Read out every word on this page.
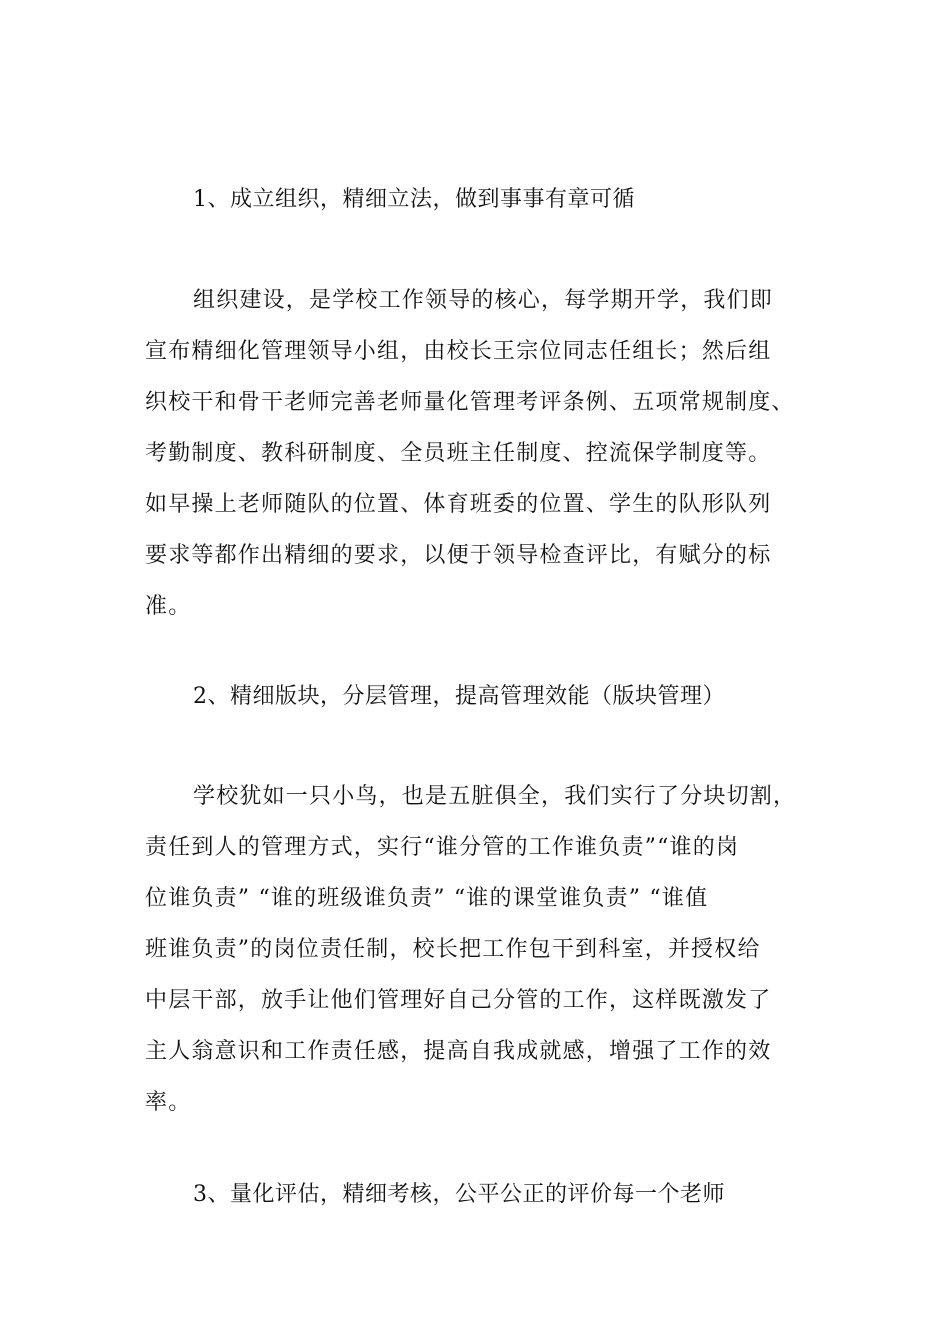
1、成立组织，精细立法，做到事事有章可循
组织建设，是学校工作领导的核心，每学期开学，我们即
宣布精细化管理领导小组，由校长王宗位同志任组长；然后组
织校干和骨干老师完善老师量化管理考评条例、五项常规制度、
考勤制度、教科研制度、全员班主任制度、控流保学制度等。
如早操上老师随队的位置、体育班委的位置、学生的队形队列
要求等都作出精细的要求，以便于领导检查评比，有赋分的标
准。
2、精细版块，分层管理，提高管理效能（版块管理）
学校犹如一只小鸟，也是五脏俱全，我们实行了分块切割，
责任到人的管理方式，实行“谁分管的工作谁负责”“谁的岗
位谁负责” “谁的班级谁负责” “谁的课堂谁负责” “谁值
班谁负责”的岗位责任制，校长把工作包干到科室，并授权给
中层干部，放手让他们管理好自己分管的工作，这样既激发了
主人翁意识和工作责任感，提高自我成就感，增强了工作的效
率。
3、量化评估，精细考核，公平公正的评价每一个老师
